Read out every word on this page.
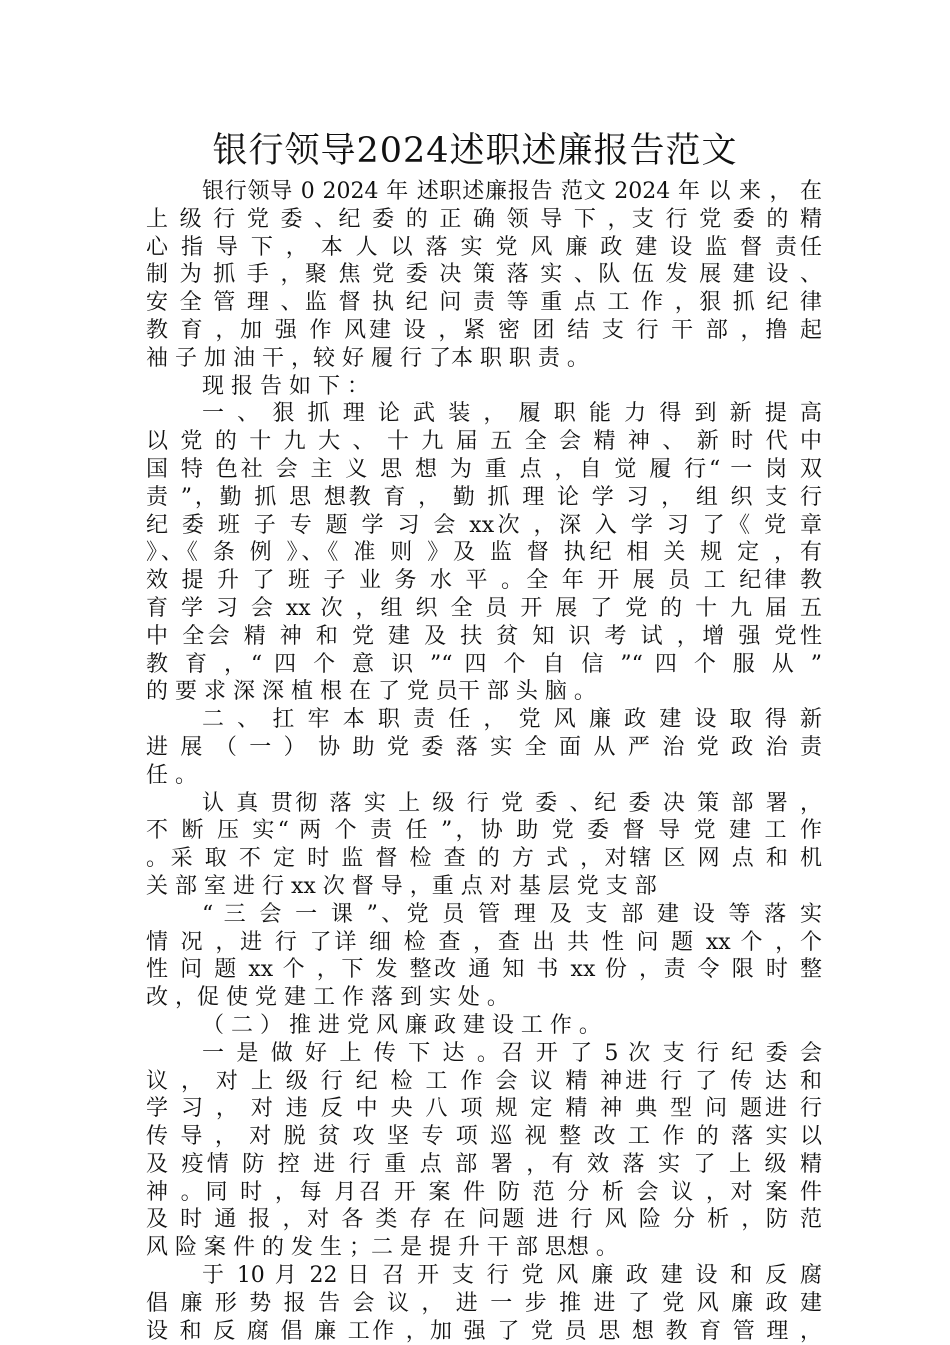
银行领导2024述职述廉报告范文
银行领导 0 2024 年 述职述廉报告 范文 2024 年 以 来 ， 在
上 级 行 党 委 、纪 委 的 正 确 领 导 下 ，支 行 党 委 的 精
心 指 导 下 ， 本 人 以 落 实 党 风 廉 政 建 设 监 督 责任
制 为 抓 手 ，聚 焦 党 委 决 策 落 实 、队 伍 发 展 建 设 、
安 全 管 理 、监 督 执 纪 问 责 等 重 点 工 作 ，狠 抓 纪 律
教 育 ，加 强 作 风建 设 ，紧 密 团 结 支 行 干 部 ，撸 起
袖 子 加 油 干 ，较 好 履 行 了本 职 职 责 。
现 报 告 如 下 ：
一 、 狠 抓 理 论 武 装 ， 履 职 能 力 得 到 新 提 高
以 党 的 十 九 大 、 十 九 届 五 全 会 精 神 、 新 时 代 中
国 特 色社 会 主 义 思 想 为 重 点 ，自 觉 履 行“ 一 岗 双
责 ”，勤 抓 思 想教 育 ， 勤 抓 理 论 学 习 ， 组 织 支 行
纪 委 班 子 专 题 学 习 会 xx次 ，深 入 学 习 了《 党 章
》、《 条 例 》、《 准 则 》及 监 督 执纪 相 关 规 定 ，有
效 提 升 了 班 子 业 务 水 平 。全 年 开 展 员 工 纪律 教
育 学 习 会 xx 次 ，组 织 全 员 开 展 了 党 的 十 九 届 五
中 全会 精 神 和 党 建 及 扶 贫 知 识 考 试 ，增 强 党性
教 育 ，“ 四 个 意 识 ”“ 四 个 自 信 ”“ 四 个 服 从 ”
的 要 求 深 深 植 根 在 了 党 员干 部 头 脑 。
二 、 扛 牢 本 职 责 任 ， 党 风 廉 政 建 设 取 得 新
进 展 （ 一 ） 协 助 党 委 落 实 全 面 从 严 治 党 政 治 责
任 。
认 真 贯彻 落 实 上 级 行 党 委 、纪 委 决 策 部 署 ，
不 断 压 实“ 两 个 责 任 ”，协 助 党 委 督 导 党 建 工 作
。采 取 不 定 时 监 督 检 查 的 方 式 ，对辖 区 网 点 和 机
关 部 室 进 行 xx 次 督 导 ，重 点 对 基 层 党 支 部
“ 三 会 一 课 ”、党 员 管 理 及 支 部 建 设 等 落 实
情 况 ，进 行 了详 细 检 查 ，查 出 共 性 问 题 xx 个 ，个
性 问 题 xx 个 ，下 发 整改 通 知 书 xx 份 ，责 令 限 时 整
改 ，促 使 党 建 工 作 落 到 实 处 。
（ 二 ） 推 进 党 风 廉 政 建 设 工 作 。
一 是 做 好 上 传 下 达 。召 开 了 5 次 支 行 纪 委 会
议 ， 对 上 级 行 纪 检 工 作 会 议 精 神进 行 了 传 达 和
学 习 ， 对 违 反 中 央 八 项 规 定 精 神 典 型 问 题进 行
传 导 ， 对 脱 贫 攻 坚 专 项 巡 视 整 改 工 作 的 落 实 以
及 疫情 防 控 进 行 重 点 部 署 ，有 效 落 实 了 上 级 精
神 。同 时 ，每 月召 开 案 件 防 范 分 析 会 议 ，对 案 件
及 时 通 报 ，对 各 类 存 在 问题 进 行 风 险 分 析 ，防 范
风 险 案 件 的 发 生 ；二 是 提 升 干 部 思想 。
于 10 月 22 日 召 开 支 行 党 风 廉 政 建 设 和 反 腐
倡 廉 形 势 报 告 会 议 ， 进 一 步 推 进 了 党 风 廉 政 建
设 和 反 腐 倡 廉 工作 ，加 强 了 党 员 思 想 教 育 管 理 ，
